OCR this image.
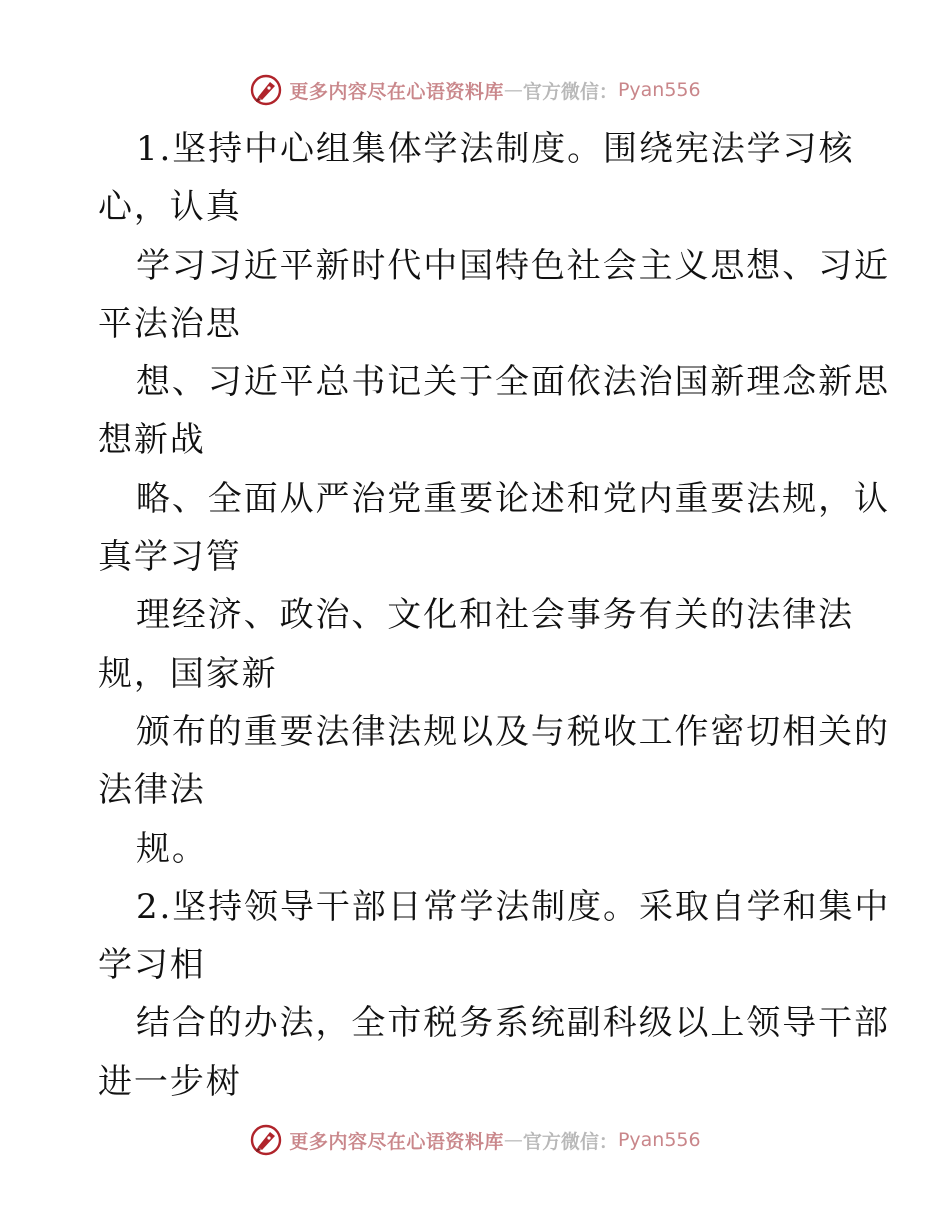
更多内容尽在心语资料库 — 官方微信： Pyan556
1.坚持中心组集体学法制度。围绕宪法学习核
心，认真
学习习近平新时代中国特色社会主义思想、习近
平法治思
想、习近平总书记关于全面依法治国新理念新思
想新战
略、全面从严治党重要论述和党内重要法规，认
真学习管
理经济、政治、文化和社会事务有关的法律法
规，国家新
颁布的重要法律法规以及与税收工作密切相关的
法律法
规。
2.坚持领导干部日常学法制度。采取自学和集中
学习相
结合的办法，全市税务系统副科级以上领导干部
进一步树
更多内容尽在心语资料库 — 官方微信： Pyan556
